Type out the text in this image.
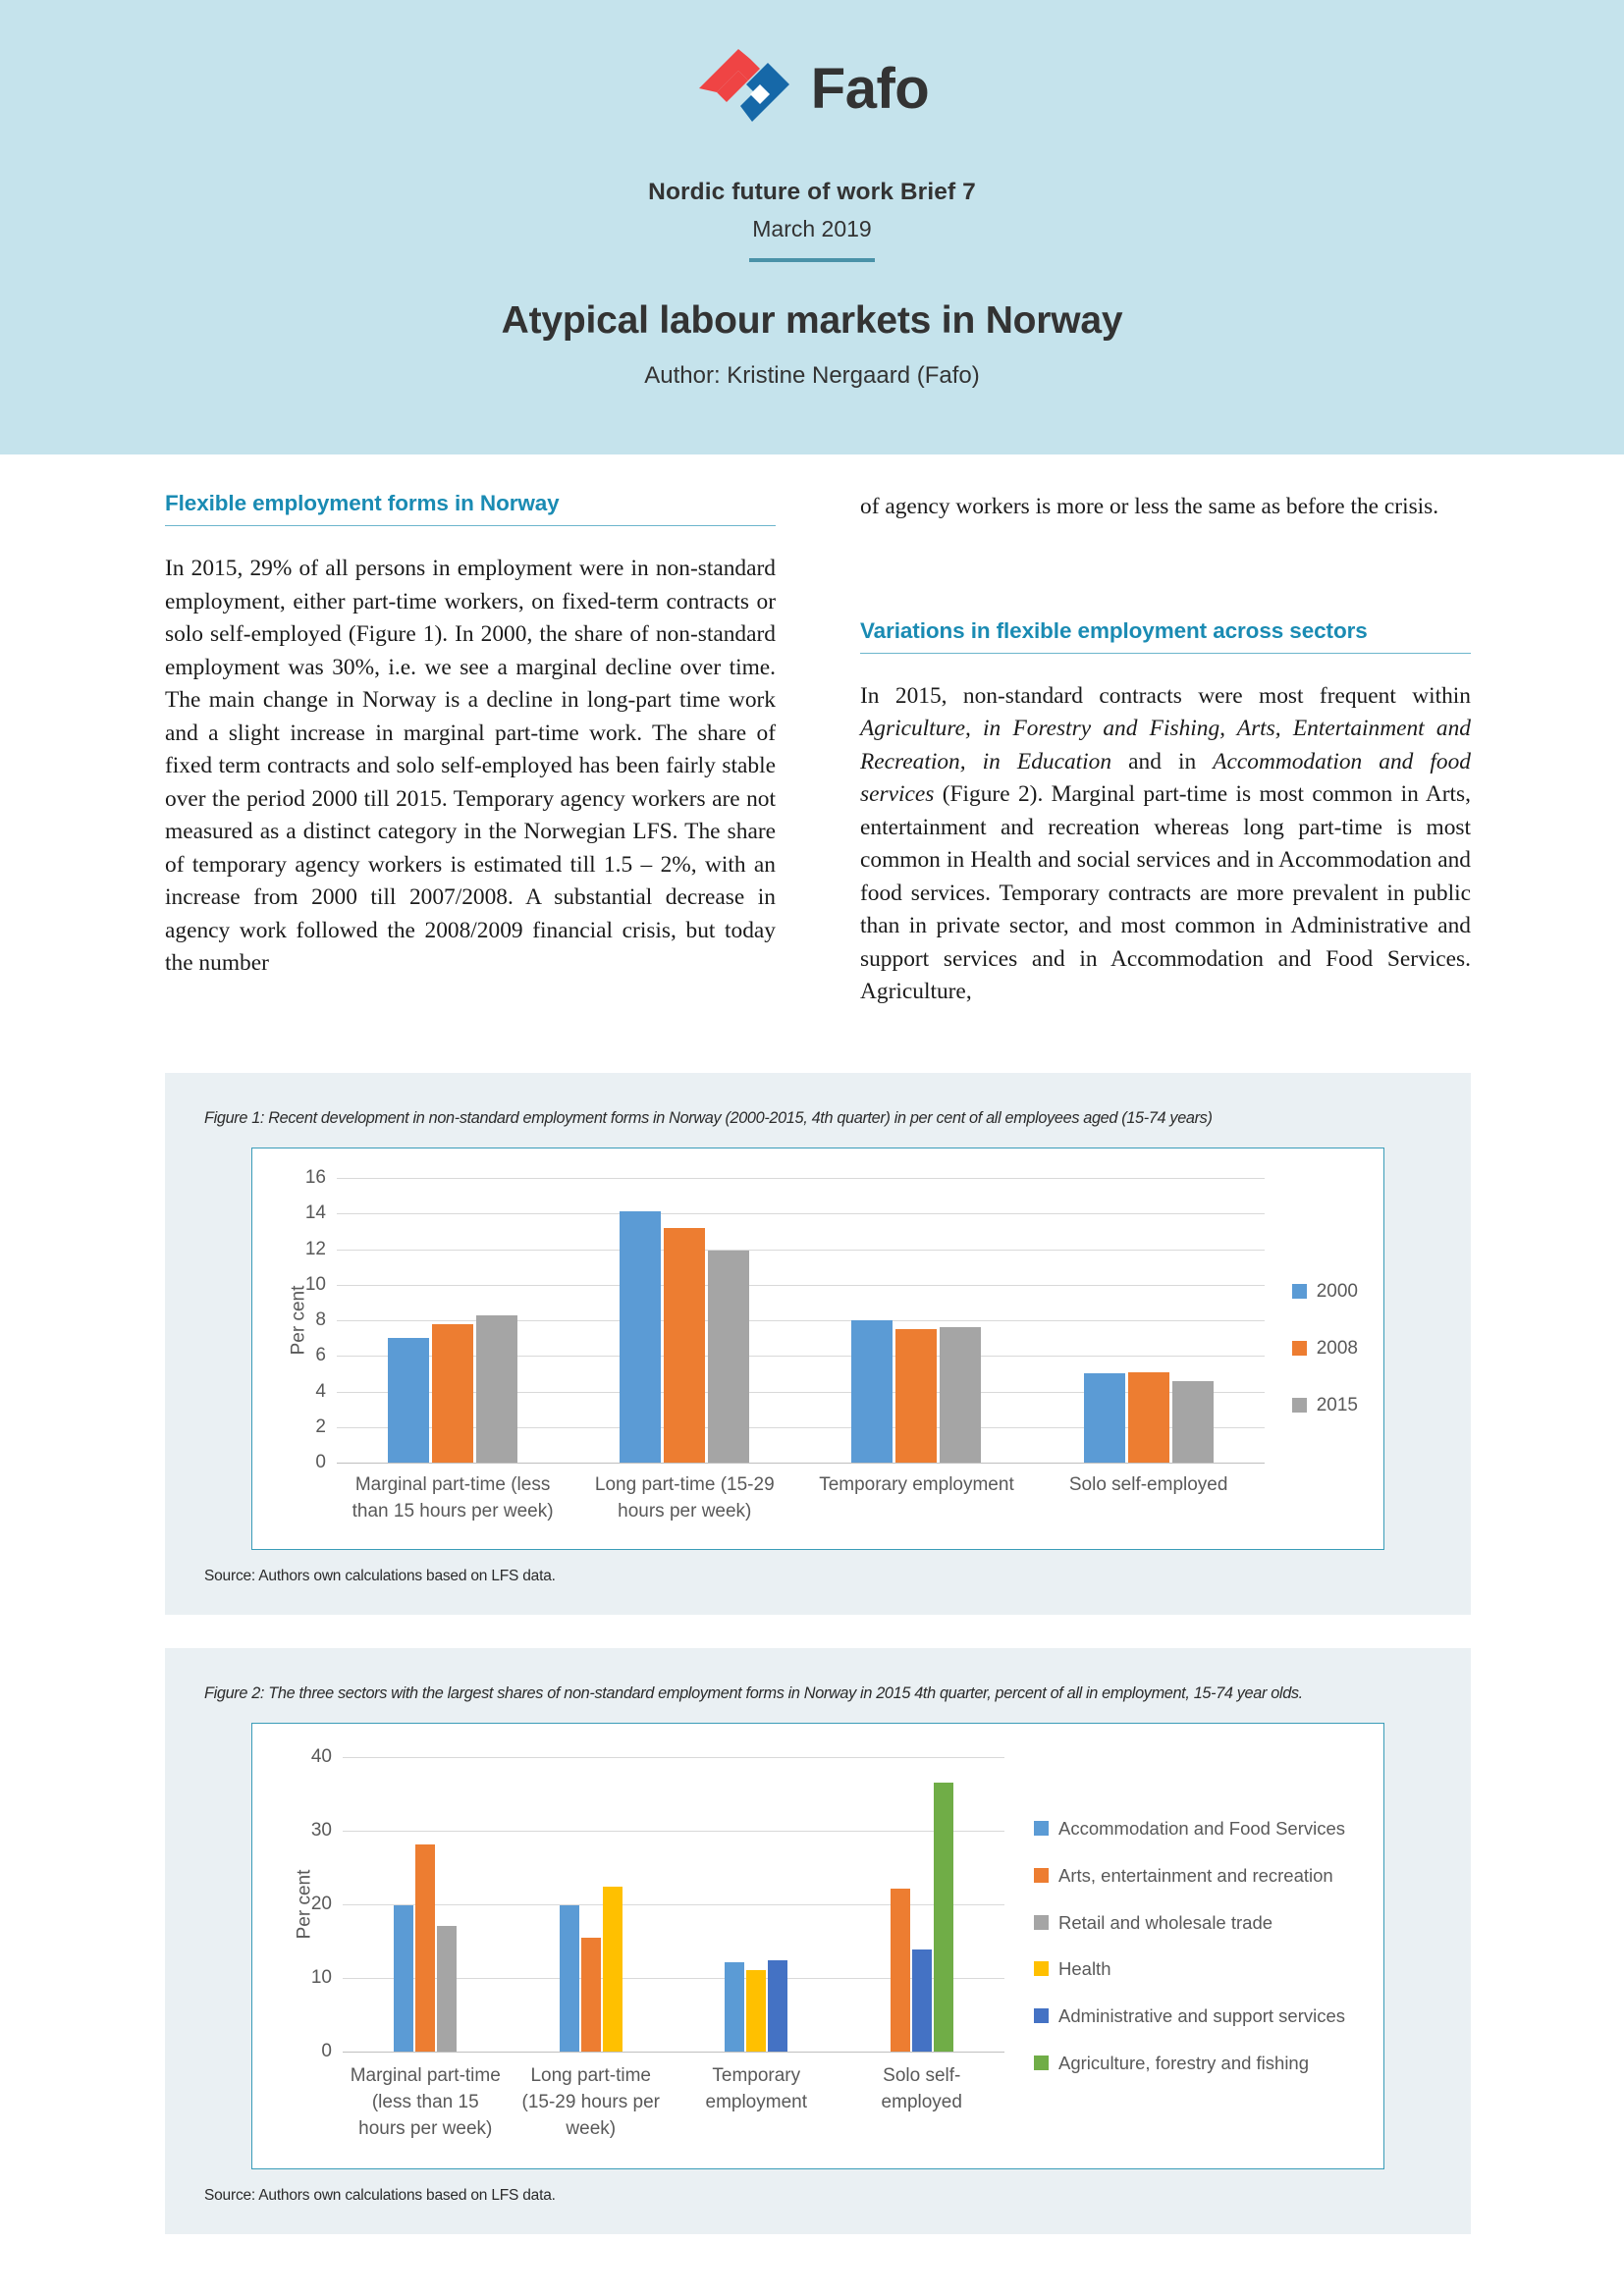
Fafo
Nordic future of work Brief 7
March 2019
Atypical labour markets in Norway
Author: Kristine Nergaard (Fafo)
Flexible employment forms in Norway

In 2015, 29% of all persons in employment were in non-standard employment, either part-time workers, on fixed-term contracts or solo self-employed (Figure 1). In 2000, the share of non-standard employment was 30%, i.e. we see a marginal decline over time. The main change in Norway is a decline in long-part time work and a slight increase in marginal part-time work. The share of fixed term contracts and solo self-employed has been fairly stable over the period 2000 till 2015. Temporary agency workers are not measured as a distinct category in the Norwegian LFS. The share of temporary agency workers is estimated till 1.5 – 2%, with an increase from 2000 till 2007/2008. A substantial decrease in agency work followed the 2008/2009 financial crisis, but today the number

of agency workers is more or less the same as before the crisis.

Variations in flexible employment across sectors

In 2015, non-standard contracts were most frequent within Agriculture, in Forestry and Fishing, Arts, Entertainment and Recreation, in Education and in Accommodation and food services (Figure 2). Marginal part-time is most common in Arts, entertainment and recreation whereas long part-time is most common in Health and social services and in Accommodation and food services. Temporary contracts are more prevalent in public than in private sector, and most common in Administrative and support services and in Accommodation and Food Services. Agriculture,

Figure 1: Recent development in non-standard employment forms in Norway (2000-2015, 4th quarter) in per cent of all employees aged (15-74 years)
0
2
4
6
8
10
12
14
16
Per cent
Marginal part-time (less than 15 hours per week)
Long part-time (15-29 hours per week)
Temporary employment	Solo self-employed
2000
2008
2015
Source: Authors own calculations based on LFS data.
Figure 2: The three sectors with the largest shares of non-standard employment forms in Norway in 2015 4th quarter, percent of all in employment, 15-74 year olds.
0
10
20
30
40
Per cent
Marginal part-time (less than 15 hours per week)
Long part-time (15-29 hours per week)
Temporary employment
Solo self-employed
Accommodation and Food Services
Arts, entertainment and recreation
Retail and wholesale trade
Health
Administrative and support services
Agriculture, forestry and fishing
Source: Authors own calculations based on LFS data.
